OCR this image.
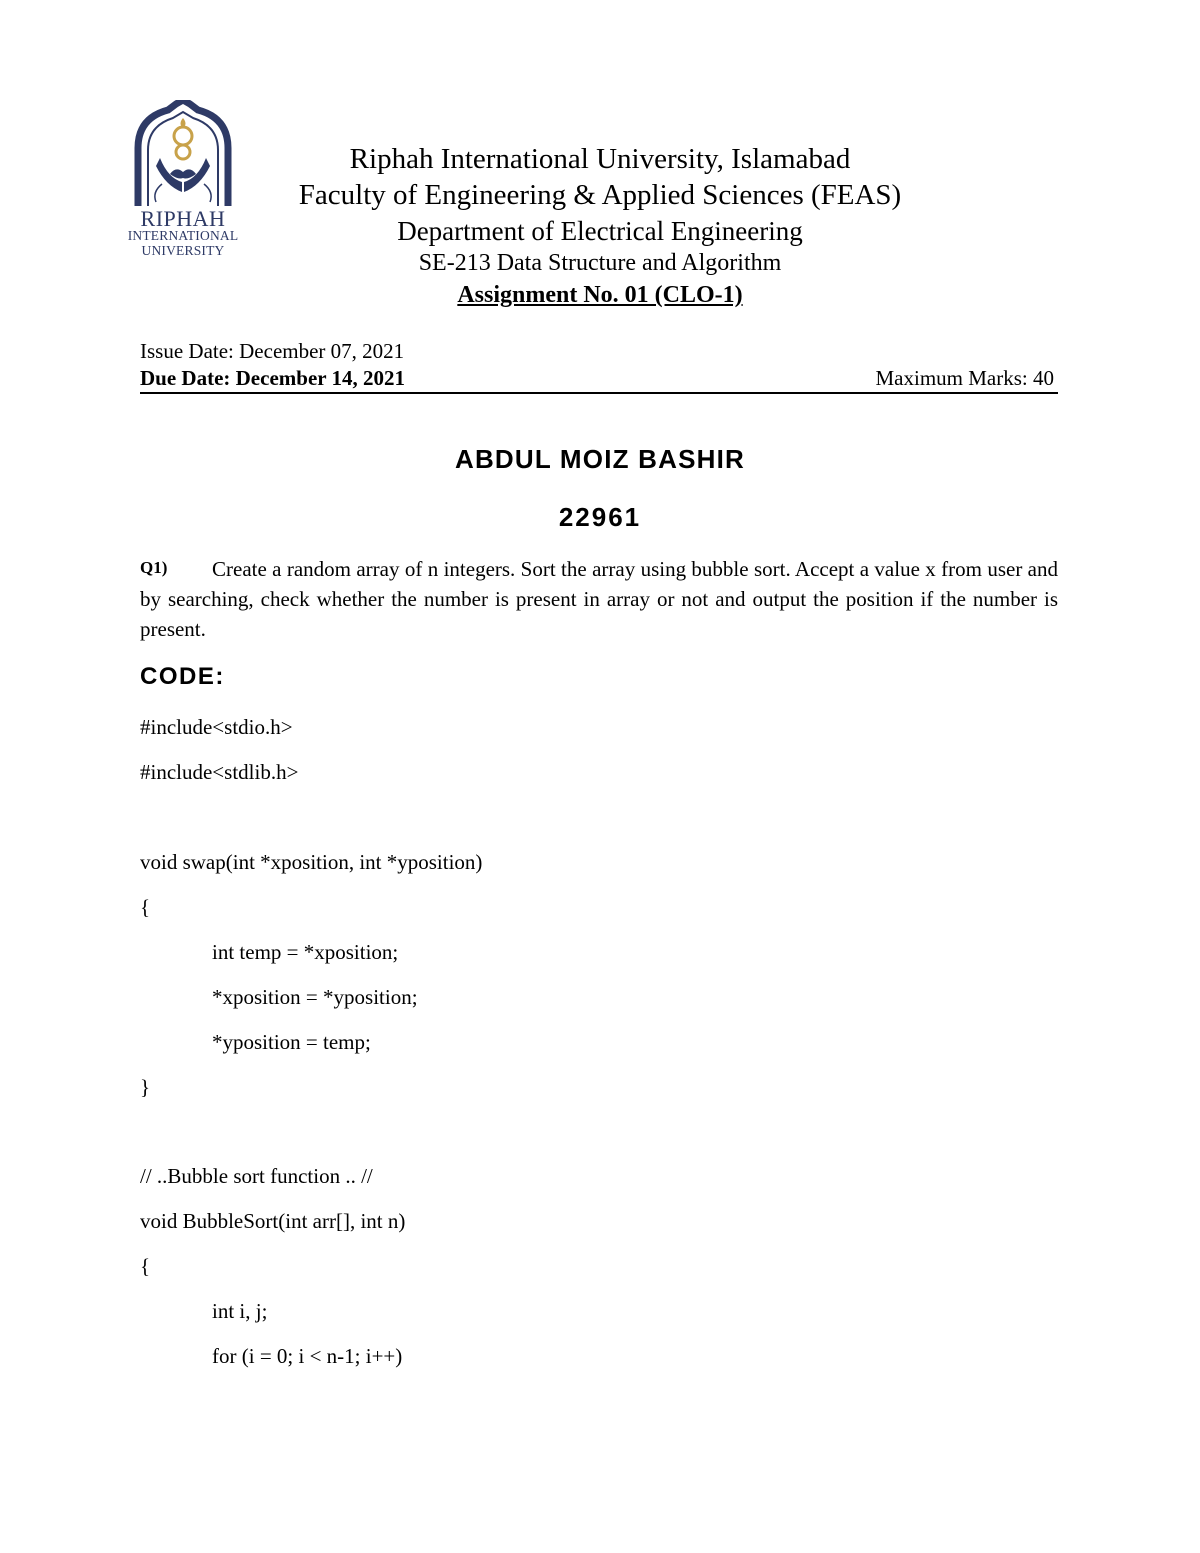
RIPHAH
INTERNATIONAL
UNIVERSITY
Riphah International University, Islamabad
Faculty of Engineering & Applied Sciences (FEAS)
Department of Electrical Engineering
SE-213 Data Structure and Algorithm
Assignment No. 01 (CLO-1)
Issue Date: December 07, 2021
Due Date: December 14, 2021	Maximum Marks: 40
ABDUL MOIZ BASHIR
22961
Q1)	Create a random array of n integers. Sort the array using bubble sort. Accept a value x from user and by searching, check whether the number is present in array or not and output the position if the number is present.
CODE:
#include<stdio.h>
#include<stdlib.h>
void swap(int *xposition, int *yposition)
{
int temp = *xposition;
*xposition = *yposition;
*yposition = temp;
}
// ..Bubble sort function .. //
void BubbleSort(int arr[], int n)
{
int i, j;
for (i = 0; i < n-1; i++)
